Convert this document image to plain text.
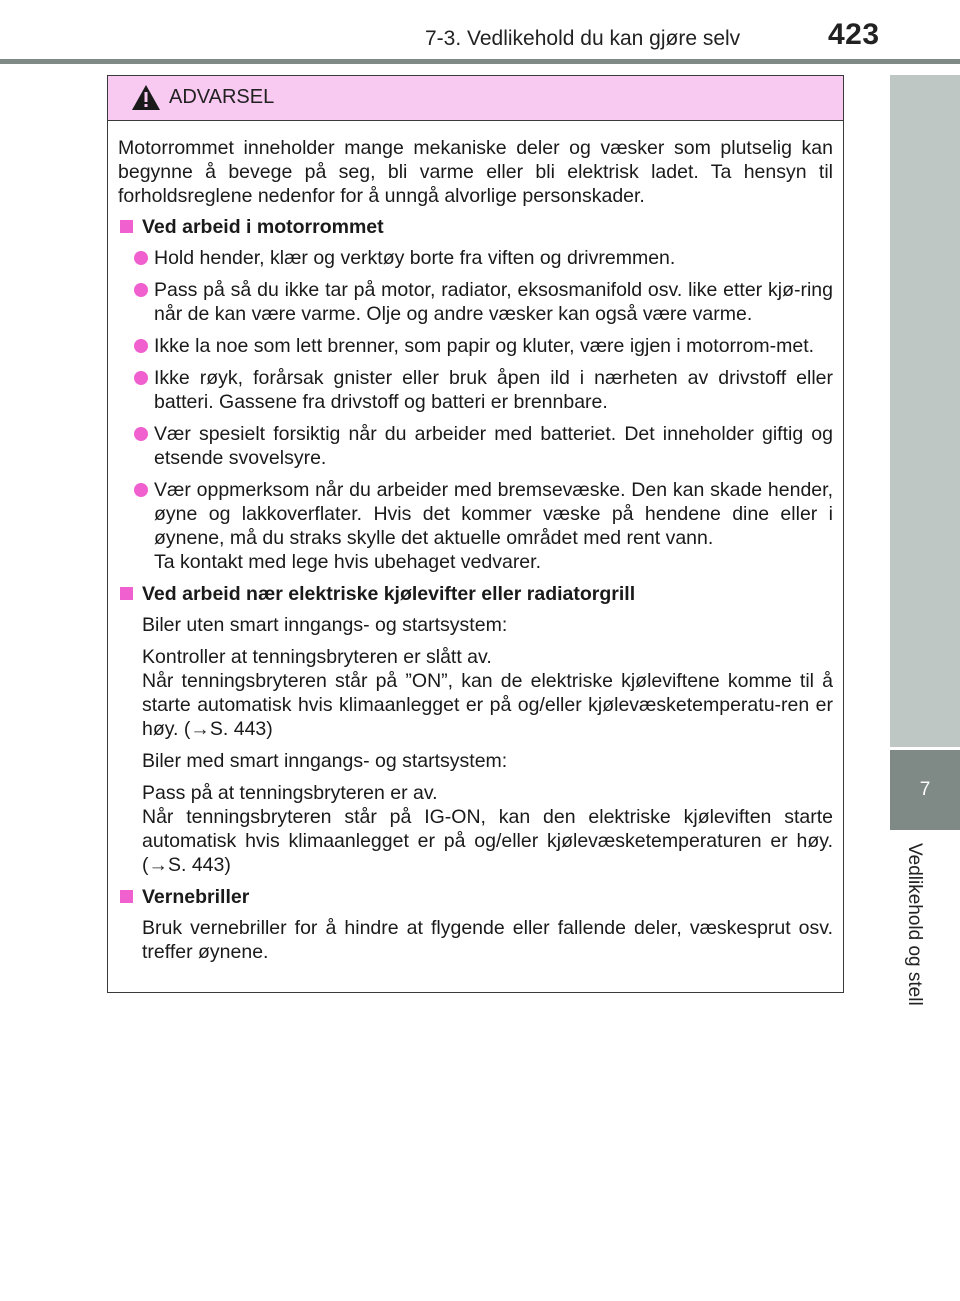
7-3. Vedlikehold du kan gjøre selv	423
7
Vedlikehold og stell
ADVARSEL

Motorrommet inneholder mange mekaniske deler og væsker som plutselig kan begynne å bevege på seg, bli varme eller bli elektrisk ladet. Ta hensyn til forholdsreglene nedenfor for å unngå alvorlige personskader.

Ved arbeid i motorrommet
Hold hender, klær og verktøy borte fra viften og drivremmen.
Pass på så du ikke tar på motor, radiator, eksosmanifold osv. like etter kjø-ring når de kan være varme. Olje og andre væsker kan også være varme.
Ikke la noe som lett brenner, som papir og kluter, være igjen i motorrom-met.
Ikke røyk, forårsak gnister eller bruk åpen ild i nærheten av drivstoff eller batteri. Gassene fra drivstoff og batteri er brennbare.
Vær spesielt forsiktig når du arbeider med batteriet. Det inneholder giftig og etsende svovelsyre.
Vær oppmerksom når du arbeider med bremsevæske. Den kan skade hender, øyne og lakkoverflater. Hvis det kommer væske på hendene dine eller i øynene, må du straks skylle det aktuelle området med rent vann.
Ta kontakt med lege hvis ubehaget vedvarer.
Ved arbeid nær elektriske kjølevifter eller radiatorgrill

Biler uten smart inngangs- og startsystem:

Kontroller at tenningsbryteren er slått av.
Når tenningsbryteren står på ”ON”, kan de elektriske kjøleviftene komme til å starte automatisk hvis klimaanlegget er på og/eller kjølevæsketemperatu-ren er høy. (→S. 443)

Biler med smart inngangs- og startsystem:

Pass på at tenningsbryteren er av.
Når tenningsbryteren står på IG-ON, kan den elektriske kjøleviften starte automatisk hvis klimaanlegget er på og/eller kjølevæsketemperaturen er høy. (→S. 443)

Vernebriller

Bruk vernebriller for å hindre at flygende eller fallende deler, væskesprut osv. treffer øynene.
